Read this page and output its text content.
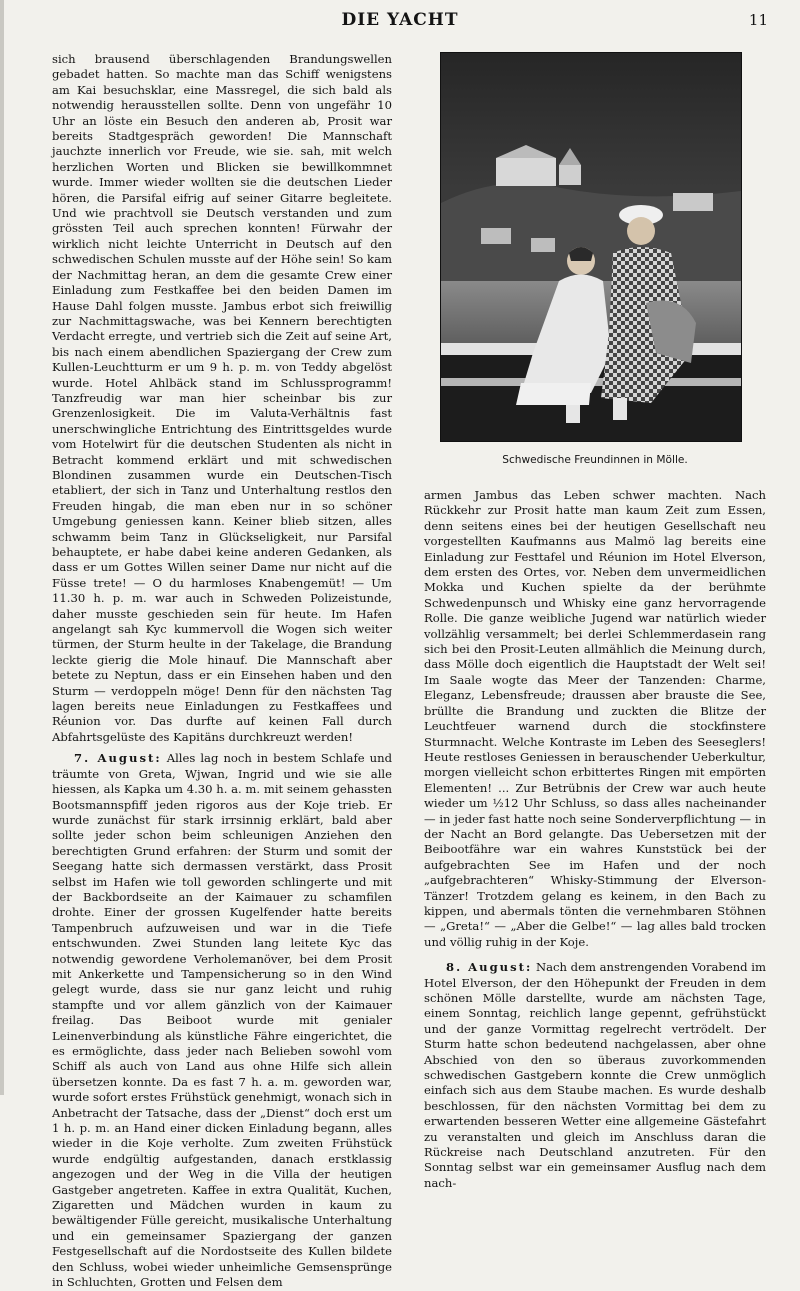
DIE YACHT	11

sich brausend überschlagenden Brandungswellen gebadet hatten. So machte man das Schiff wenigstens am Kai besuchsklar, eine Massregel, die sich bald als notwendig herausstellen sollte. Denn von ungefähr 10 Uhr an löste ein Besuch den anderen ab, Prosit war bereits Stadtgespräch geworden! Die Mannschaft jauchzte innerlich vor Freude, wie sie. sah, mit welch herzlichen Worten und Blicken sie bewillkommnet wurde. Immer wieder wollten sie die deutschen Lieder hören, die Parsifal eifrig auf seiner Gitarre begleitete. Und wie prachtvoll sie Deutsch verstanden und zum grössten Teil auch sprechen konnten! Fürwahr der wirklich nicht leichte Unterricht in Deutsch auf den schwedischen Schulen musste auf der Höhe sein! So kam der Nachmittag heran, an dem die gesamte Crew einer Einladung zum Festkaffee bei den beiden Damen im Hause Dahl folgen musste. Jambus erbot sich freiwillig zur Nachmittagswache, was bei Kennern berechtigten Verdacht erregte, und vertrieb sich die Zeit auf seine Art, bis nach einem abendlichen Spaziergang der Crew zum Kullen-Leuchtturm er um 9 h. p. m. von Teddy abgelöst wurde. Hotel Ahlbäck stand im Schlussprogramm! Tanzfreudig war man hier scheinbar bis zur Grenzenlosigkeit. Die im Valuta-Verhältnis fast unerschwingliche Entrichtung des Eintrittsgeldes wurde vom Hotelwirt für die deutschen Studenten als nicht in Betracht kommend erklärt und mit schwedischen Blondinen zusammen wurde ein Deutschen-Tisch etabliert, der sich in Tanz und Unterhaltung restlos den Freuden hingab, die man eben nur in so schöner Umgebung geniessen kann. Keiner blieb sitzen, alles schwamm beim Tanz in Glückseligkeit, nur Parsifal behauptete, er habe dabei keine anderen Gedanken, als dass er um Gottes Willen seiner Dame nur nicht auf die Füsse trete! — O du harmloses Knabengemüt! — Um 11.30 h. p. m. war auch in Schweden Polizeistunde, daher musste geschieden sein für heute. Im Hafen angelangt sah Kyc kummervoll die Wogen sich weiter türmen, der Sturm heulte in der Takelage, die Brandung leckte gierig die Mole hinauf. Die Mannschaft aber betete zu Neptun, dass er ein Einsehen haben und den Sturm — verdoppeln möge! Denn für den nächsten Tag lagen bereits neue Einladungen zu Festkaffees und Réunion vor. Das durfte auf keinen Fall durch Abfahrtsgelüste des Kapitäns durchkreuzt werden!

7. August: Alles lag noch in bestem Schlafe und träumte von Greta, Wjwan, Ingrid und wie sie alle hiessen, als Kapka um 4.30 h. a. m. mit seinem gehassten Bootsmannspfiff jeden rigoros aus der Koje trieb. Er wurde zunächst für stark irrsinnig erklärt, bald aber sollte jeder schon beim schleunigen Anziehen den berechtigten Grund erfahren: der Sturm und somit der Seegang hatte sich dermassen verstärkt, dass Prosit selbst im Hafen wie toll geworden schlingerte und mit der Backbordseite an der Kaimauer zu schamfilen drohte. Einer der grossen Kugelfender hatte bereits Tampenbruch aufzuweisen und war in die Tiefe entschwunden. Zwei Stunden lang leitete Kyc das notwendig gewordene Verholemanöver, bei dem Prosit mit Ankerkette und Tampensicherung so in den Wind gelegt wurde, dass sie nur ganz leicht und ruhig stampfte und vor allem gänzlich von der Kaimauer freilag. Das Beiboot wurde mit genialer Leinenverbindung als künstliche Fähre eingerichtet, die es ermöglichte, dass jeder nach Belieben sowohl vom Schiff als auch von Land aus ohne Hilfe sich allein übersetzen konnte. Da es fast 7 h. a. m. geworden war, wurde sofort erstes Frühstück genehmigt, wonach sich in Anbetracht der Tatsache, dass der „Dienst“ doch erst um 1 h. p. m. an Hand einer dicken Einladung begann, alles wieder in die Koje verholte. Zum zweiten Frühstück wurde endgültig aufgestanden, danach erstklassig angezogen und der Weg in die Villa der heutigen Gastgeber angetreten. Kaffee in extra Qualität, Kuchen, Zigaretten und Mädchen wurden in kaum zu bewältigender Fülle gereicht, musikalische Unterhaltung und ein gemeinsamer Spaziergang der ganzen Festgesellschaft auf die Nordostseite des Kullen bildete den Schluss, wobei wieder unheimliche Gemsensprünge in Schluchten, Grotten und Felsen dem

Schwedische Freundinnen in Mölle.

armen Jambus das Leben schwer machten. Nach Rückkehr zur Prosit hatte man kaum Zeit zum Essen, denn seitens eines bei der heutigen Gesellschaft neu vorgestellten Kaufmanns aus Malmö lag bereits eine Einladung zur Festtafel und Réunion im Hotel Elverson, dem ersten des Ortes, vor. Neben dem unvermeidlichen Mokka und Kuchen spielte da der berühmte Schwedenpunsch und Whisky eine ganz hervorragende Rolle. Die ganze weibliche Jugend war natürlich wieder vollzählig versammelt; bei derlei Schlemmerdasein rang sich bei den Prosit-Leuten allmählich die Meinung durch, dass Mölle doch eigentlich die Hauptstadt der Welt sei! Im Saale wogte das Meer der Tanzenden: Charme, Eleganz, Lebensfreude; draussen aber brauste die See, brüllte die Brandung und zuckten die Blitze der Leuchtfeuer warnend durch die stockfinstere Sturmnacht. Welche Kontraste im Leben des Seeseglers! Heute restloses Geniessen in berauschender Ueberkultur, morgen vielleicht schon erbittertes Ringen mit empörten Elementen! ... Zur Betrübnis der Crew war auch heute wieder um ½12 Uhr Schluss, so dass alles nacheinander — in jeder fast hatte noch seine Sonderverpflichtung — in der Nacht an Bord gelangte. Das Uebersetzen mit der Beibootfähre war ein wahres Kunststück bei der aufgebrachten See im Hafen und der noch „aufgebrachteren“ Whisky-Stimmung der Elverson-Tänzer! Trotzdem gelang es keinem, in den Bach zu kippen, und abermals tönten die vernehmbaren Stöhnen — „Greta!“ — „Aber die Gelbe!“ — lag alles bald trocken und völlig ruhig in der Koje.

8. August: Nach dem anstrengenden Vorabend im Hotel Elverson, der den Höhepunkt der Freuden in dem schönen Mölle darstellte, wurde am nächsten Tage, einem Sonntag, reichlich lange gepennt, gefrühstückt und der ganze Vormittag regelrecht vertrödelt. Der Sturm hatte schon bedeutend nachgelassen, aber ohne Abschied von den so überaus zuvorkommenden schwedischen Gastgebern konnte die Crew unmöglich einfach sich aus dem Staube machen. Es wurde deshalb beschlossen, für den nächsten Vormittag bei dem zu erwartenden besseren Wetter eine allgemeine Gästefahrt zu veranstalten und gleich im Anschluss daran die Rückreise nach Deutschland anzutreten. Für den Sonntag selbst war ein gemeinsamer Ausflug nach dem nach-
